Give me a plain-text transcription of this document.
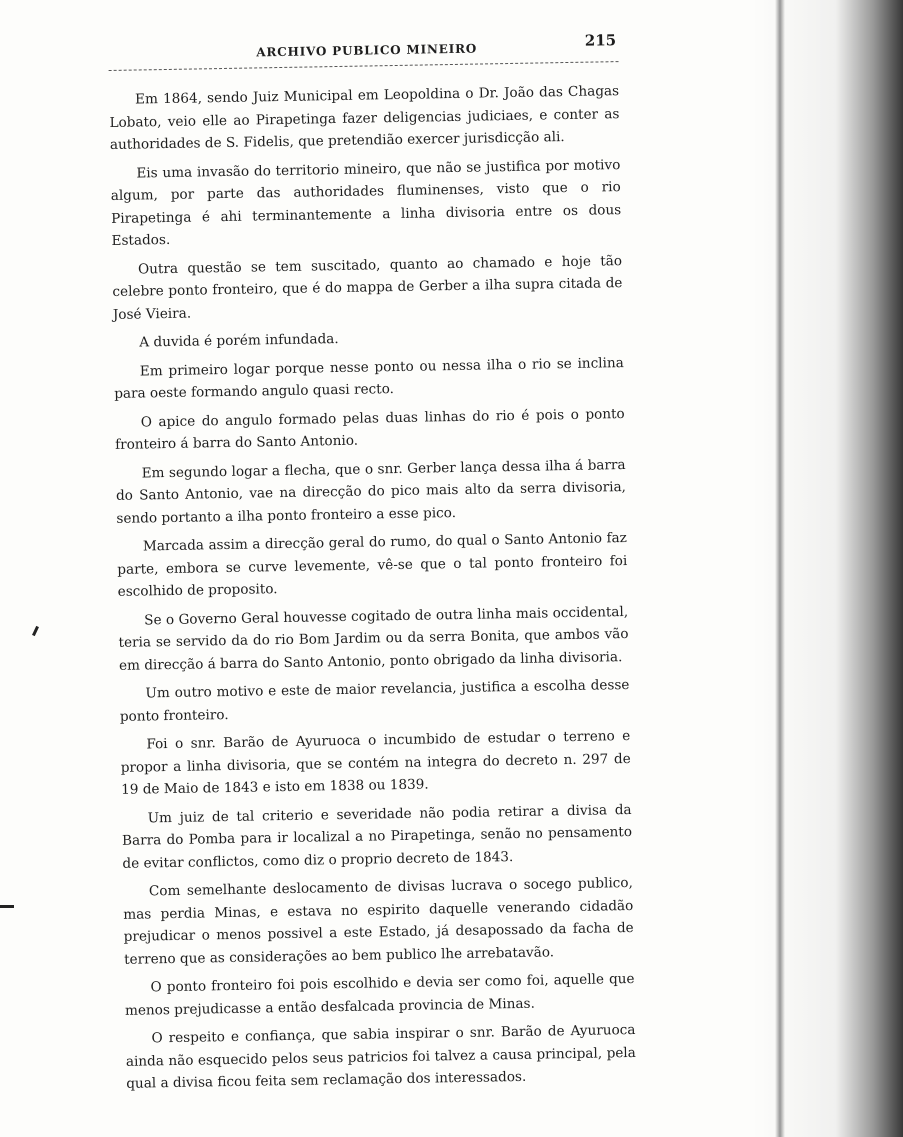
ARCHIVO PUBLICO MINEIRO
215

Em 1864, sendo Juiz Municipal em Leopoldina o Dr. João das Chagas Lobato, veio elle ao Pirapetinga fazer deligencias judiciaes, e conter as authoridades de S. Fidelis, que pretendião exercer jurisdicção ali.

Eis uma invasão do territorio mineiro, que não se justifica por motivo algum, por parte das authoridades fluminenses, visto que o rio Pirapetinga é ahi terminantemente a linha divisoria entre os dous Estados.

Outra questão se tem suscitado, quanto ao chamado e hoje tão celebre ponto fronteiro, que é do mappa de Gerber a ilha supra citada de José Vieira.

A duvida é porém infundada.

Em primeiro logar porque nesse ponto ou nessa ilha o rio se inclina para oeste formando angulo quasi recto.

O apice do angulo formado pelas duas linhas do rio é pois o ponto fronteiro á barra do Santo Antonio.

Em segundo logar a flecha, que o snr. Gerber lança dessa ilha á barra do Santo Antonio, vae na direcção do pico mais alto da serra divisoria, sendo portanto a ilha ponto fronteiro a esse pico.

Marcada assim a direcção geral do rumo, do qual o Santo Antonio faz parte, embora se curve levemente, vê-se que o tal ponto fronteiro foi escolhido de proposito.

Se o Governo Geral houvesse cogitado de outra linha mais occidental, teria se servido da do rio Bom Jardim ou da serra Bonita, que ambos vão em direcção á barra do Santo Antonio, ponto obrigado da linha divisoria.

Um outro motivo e este de maior revelancia, justifica a escolha desse ponto fronteiro.

Foi o snr. Barão de Ayuruoca o incumbido de estudar o terreno e propor a linha divisoria, que se contém na integra do decreto n. 297 de 19 de Maio de 1843 e isto em 1838 ou 1839.

Um juiz de tal criterio e severidade não podia retirar a divisa da Barra do Pomba para ir localizal a no Pirapetinga, senão no pensamento de evitar conflictos, como diz o proprio decreto de 1843.

Com semelhante deslocamento de divisas lucrava o socego publico, mas perdia Minas, e estava no espirito daquelle venerando cidadão prejudicar o menos possivel a este Estado, já desapossado da facha de terreno que as considerações ao bem publico lhe arrebatavão.

O ponto fronteiro foi pois escolhido e devia ser como foi, aquelle que menos prejudicasse a então desfalcada provincia de Minas.

O respeito e confiança, que sabia inspirar o snr. Barão de Ayuruoca ainda não esquecido pelos seus patricios foi talvez a causa principal, pela qual a divisa ficou feita sem reclamação dos interessados.
